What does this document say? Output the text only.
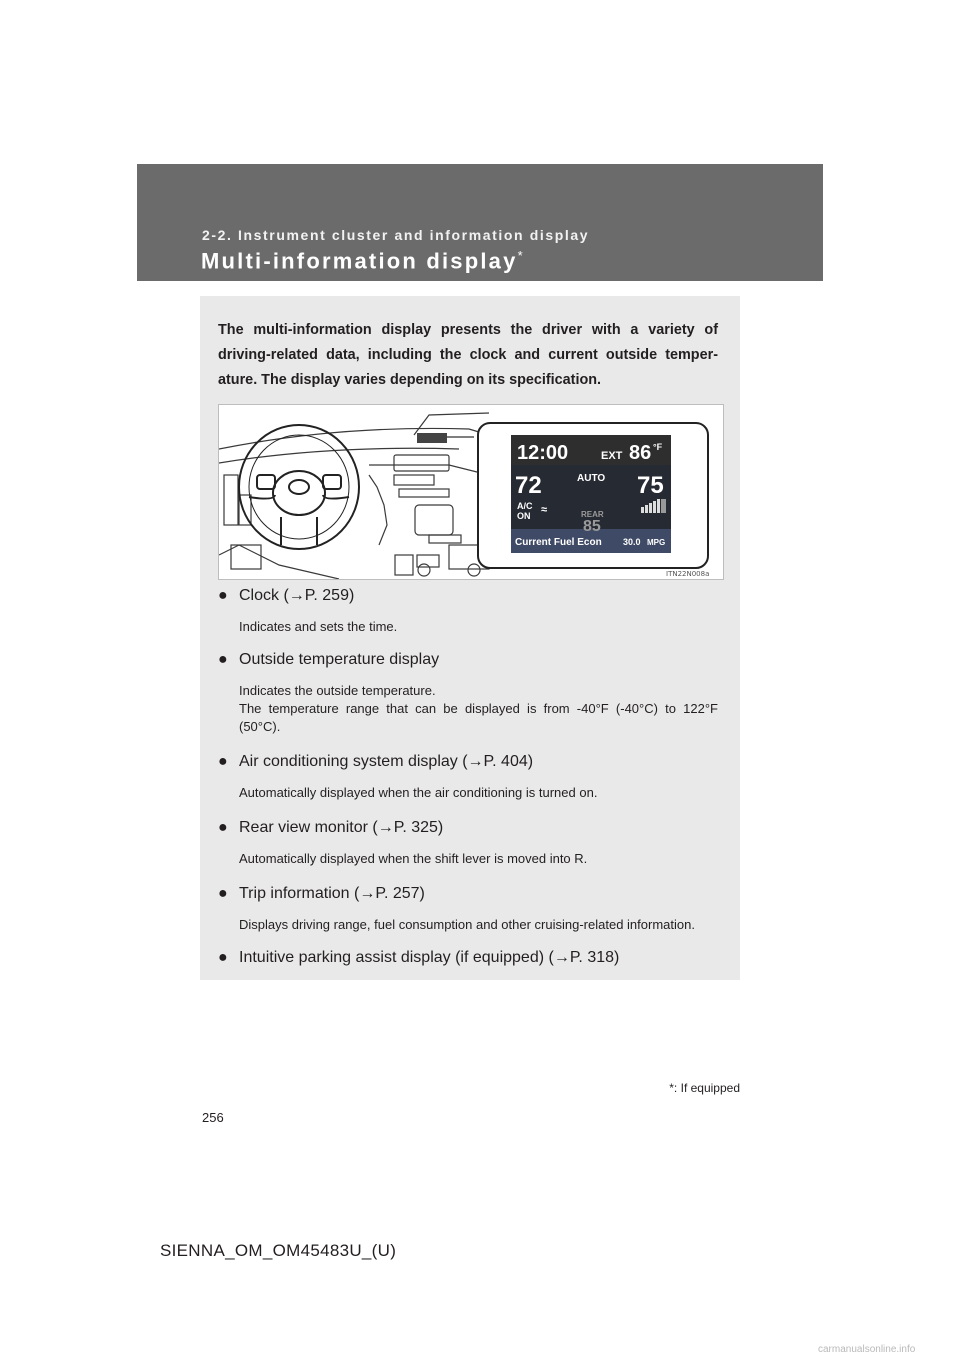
2-2. Instrument cluster and information display
Multi-information display*
The multi-information display presents the driver with a variety of driving-related data, including the clock and current outside temper-ature. The display varies depending on its specification.
12:00	EXT 86 °F
72	AUTO 75
A/C
ON ≈	REAR
85
Current Fuel Econ 30.0 MPG
ITN22N008a
● Clock (→P. 259)
Indicates and sets the time.
● Outside temperature display
Indicates the outside temperature.
The temperature range that can be displayed is from -40°F (-40°C) to 122°F (50°C).
● Air conditioning system display (→P. 404)
Automatically displayed when the air conditioning is turned on.
● Rear view monitor (→P. 325)
Automatically displayed when the shift lever is moved into R.
● Trip information (→P. 257)
Displays driving range, fuel consumption and other cruising-related information.
● Intuitive parking assist display (if equipped) (→P. 318)
*: If equipped
256
SIENNA_OM_OM45483U_(U)
carmanualsonline.info
